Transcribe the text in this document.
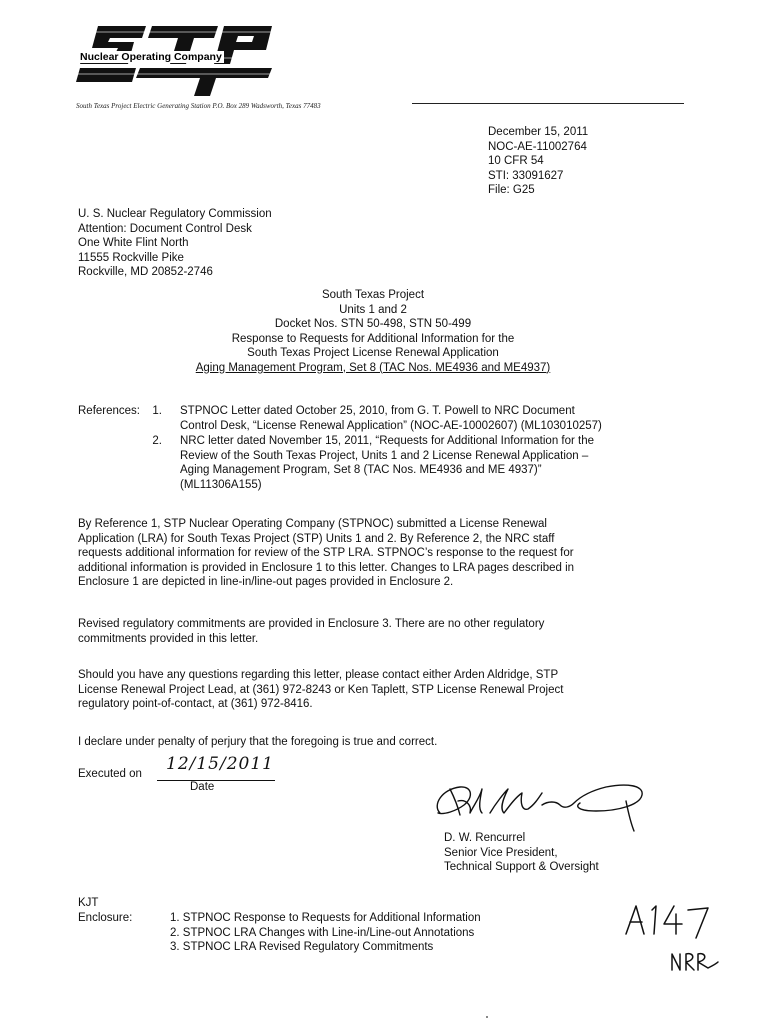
Nuclear Operating Company
South Texas Project Electric Generating Station P.O. Box 289 Wadsworth, Texas 77483
December 15, 2011
NOC-AE-11002764
10 CFR 54
STI: 33091627
File: G25
U. S. Nuclear Regulatory Commission
Attention: Document Control Desk
One White Flint North
11555 Rockville Pike
Rockville, MD 20852-2746
South Texas Project
Units 1 and 2
Docket Nos. STN 50-498, STN 50-499
Response to Requests for Additional Information for the
South Texas Project License Renewal Application
Aging Management Program, Set 8 (TAC Nos. ME4936 and ME4937)
References:	1. STPNOC Letter dated October 25, 2010, from G. T. Powell to NRC Document
Control Desk, “License Renewal Application” (NOC-AE-10002607) (ML103010257)
2. NRC letter dated November 15, 2011, “Requests for Additional Information for the
Review of the South Texas Project, Units 1 and 2 License Renewal Application –
Aging Management Program, Set 8 (TAC Nos. ME4936 and ME 4937)”
(ML11306A155)
By Reference 1, STP Nuclear Operating Company (STPNOC) submitted a License Renewal
Application (LRA) for South Texas Project (STP) Units 1 and 2. By Reference 2, the NRC staff
requests additional information for review of the STP LRA. STPNOC’s response to the request for
additional information is provided in Enclosure 1 to this letter. Changes to LRA pages described in
Enclosure 1 are depicted in line-in/line-out pages provided in Enclosure 2.
Revised regulatory commitments are provided in Enclosure 3. There are no other regulatory
commitments provided in this letter.
Should you have any questions regarding this letter, please contact either Arden Aldridge, STP
License Renewal Project Lead, at (361) 972-8243 or Ken Taplett, STP License Renewal Project
regulatory point-of-contact, at (361) 972-8416.
I declare under penalty of perjury that the foregoing is true and correct.
Executed on 12/15/2011
Date
D. W. Rencurrel
Senior Vice President,
Technical Support & Oversight
KJT
Enclosure:	1. STPNOC Response to Requests for Additional Information
2. STPNOC LRA Changes with Line-in/Line-out Annotations
3. STPNOC LRA Revised Regulatory Commitments
